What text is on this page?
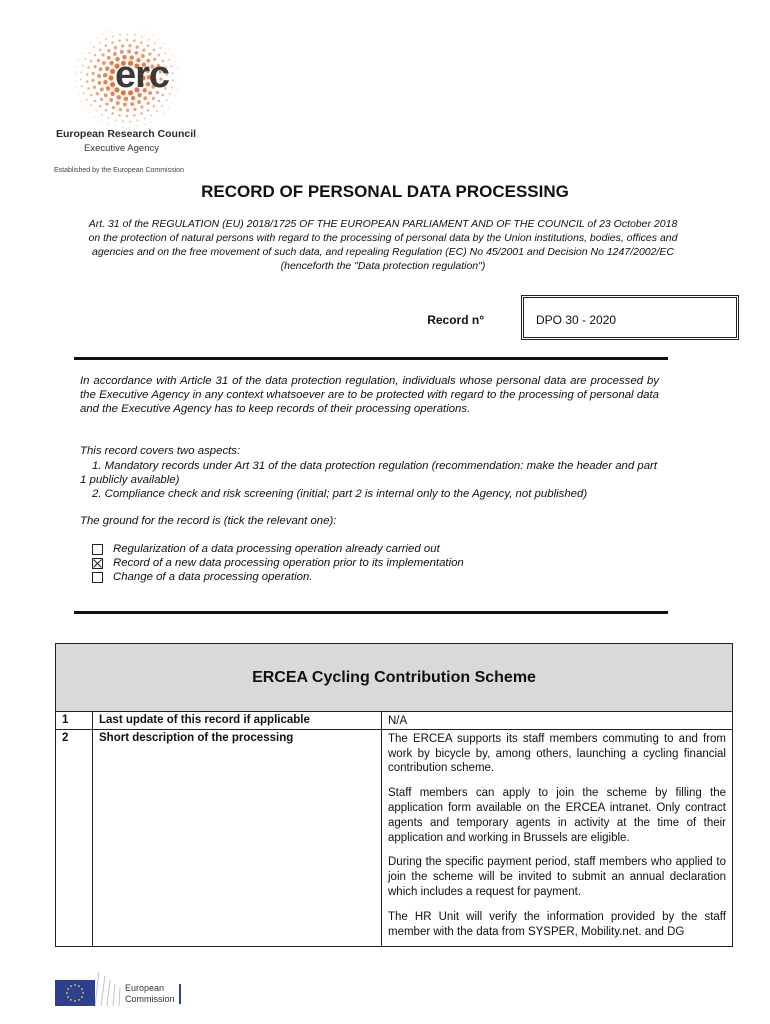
erc
European Research Council
Executive Agency
Established by the European Commission
RECORD OF PERSONAL DATA PROCESSING
Art. 31 of the REGULATION (EU) 2018/1725 OF THE EUROPEAN PARLIAMENT AND OF THE COUNCIL of 23 October 2018 on the protection of natural persons with regard to the processing of personal data by the Union institutions, bodies, offices and agencies and on the free movement of such data, and repealing Regulation (EC) No 45/2001 and Decision No 1247/2002/EC (henceforth the "Data protection regulation")
Record n°	DPO 30 - 2020
In accordance with Article 31 of the data protection regulation, individuals whose personal data are processed by the Executive Agency in any context whatsoever are to be protected with regard to the processing of personal data and the Executive Agency has to keep records of their processing operations.
This record covers two aspects:
1. Mandatory records under Art 31 of the data protection regulation (recommendation: make the header and part 1 publicly available)
2. Compliance check and risk screening (initial; part 2 is internal only to the Agency, not published)
The ground for the record is (tick the relevant one):
Regularization of a data processing operation already carried out
Record of a new data processing operation prior to its implementation
Change of a data processing operation.
ERCEA Cycling Contribution Scheme
1	Last update of this record if applicable	N/A
2	Short description of the processing	The ERCEA supports its staff members commuting to and from work by bicycle by, among others, launching a cycling financial contribution scheme.

Staff members can apply to join the scheme by filling the application form available on the ERCEA intranet. Only contract agents and temporary agents in activity at the time of their application and working in Brussels are eligible.

During the specific payment period, staff members who applied to join the scheme will be invited to submit an annual declaration which includes a request for payment.

The HR Unit will verify the information provided by the staff member with the data from SYSPER, Mobility.net. and DG

European
Commission
